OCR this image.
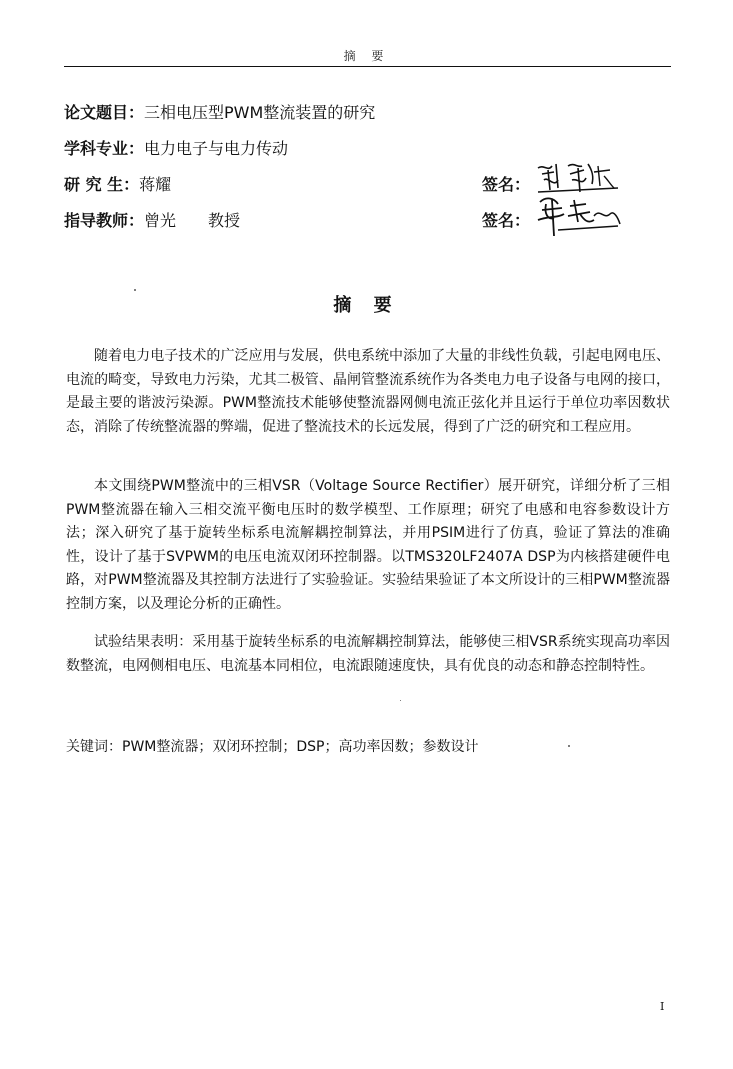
摘 要
论文题目：三相电压型PWM整流装置的研究
学科专业：电力电子与电力传动
研 究 生：蒋耀
指导教师：曾光　　教授
签名：
签名：
摘 要

随着电力电子技术的广泛应用与发展，供电系统中添加了大量的非线性负载，引起电网电压、电流的畸变，导致电力污染，尤其二极管、晶闸管整流系统作为各类电力电子设备与电网的接口，是最主要的谐波污染源。PWM整流技术能够使整流器网侧电流正弦化并且运行于单位功率因数状态，消除了传统整流器的弊端，促进了整流技术的长远发展，得到了广泛的研究和工程应用。

本文围绕PWM整流中的三相VSR（Voltage Source Rectifier）展开研究，详细分析了三相PWM整流器在输入三相交流平衡电压时的数学模型、工作原理；研究了电感和电容参数设计方法；深入研究了基于旋转坐标系电流解耦控制算法，并用PSIM进行了仿真，验证了算法的准确性，设计了基于SVPWM的电压电流双闭环控制器。以TMS320LF2407A DSP为内核搭建硬件电路，对PWM整流器及其控制方法进行了实验验证。实验结果验证了本文所设计的三相PWM整流器控制方案，以及理论分析的正确性。

试验结果表明：采用基于旋转坐标系的电流解耦控制算法，能够使三相VSR系统实现高功率因数整流，电网侧相电压、电流基本同相位，电流跟随速度快，具有优良的动态和静态控制特性。

关键词：PWM整流器；双闭环控制；DSP；高功率因数；参数设计
I
